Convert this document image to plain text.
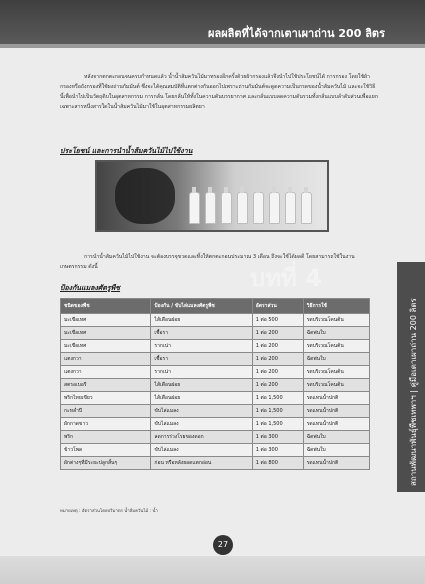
ผลผลิตที่ได้จากเตาเผาถ่าน 200 ลิตร
หลังจากตกตะกอนจนครบกำหนดแล้ว น้ำน้ำส้มควันไม้มาทรองอีกครั้งด้วยผ้ากรองแล้วจึงนำไปใช้ประโยชน์ได้ การกรอง โดยใช้ผ้ากรองหรือถังกรองที่ใช้ผงถ่านกัมมันต์ ซึ่งจะได้คุณสมบัติที่แตกต่างกันออกไปเพราะถ่านกัมมันต์จะดูดความเป็นกรดของน้ำส้มควันไม้ และจะใช้วิธีนี้เพื่อนำไปเป็นวัตถุดิบในอุตสาหกรรม การกลั่น โดยกลั่นให้ทั้งในความดันบรรยากาศ และกลั่นแบบลดความดันรวมทั้งกลั่นแบบลำดับส่วนเพื่อแยกเฉพาะสารหนึ่งสารใดในน้ำส้มควันไม้มาใช้ในอุตสาหกรรมผลิตยา
ประโยชน์ และการนำน้ำส้มควันไม้ไปใช้งาน
การนำน้ำส้มควันไม้ไปใช้งาน จะต้องบรรจุขวดและทิ้งให้ตกตะกอนประมาณ 3 เดือน ถึงจะใช้ได้ผลดี โดยสามารถใช้ในงานเกษตรกรรม ดังนี้	บทที่ 4
ป้องกันแมลงศัตรูพืช
ชนิดของพืช	ป้องกัน / ขับไล่แมลงศัตรูพืช	อัตราส่วน	วิธีการใช้
มะเขือเทศ	ไส้เดือนฝอย	1 ต่อ 500	รดบริเวณโคนต้น
มะเขือเทศ	เชื้อรา	1 ต่อ 200	ฉีดพ่นใบ
มะเขือเทศ	รากเน่า	1 ต่อ 200	รดบริเวณโคนต้น
แตงกวา	เชื้อรา	1 ต่อ 200	ฉีดพ่นใบ
แตงกวา	รากเน่า	1 ต่อ 200	รดบริเวณโคนต้น
สตรอเบอรี	ไส้เดือนฝอย	1 ต่อ 200	รดบริเวณโคนต้น
พริกไทยเขียว	ไส้เดือนฝอย	1 ต่อ 1,500	รดแทนน้ำปกติ
กะหล่ำปี	ขับไล่แมลง	1 ต่อ 1,500	รดแทนน้ำปกติ
ผักกาดขาว	ขับไล่แมลง	1 ต่อ 1,500	รดแทนน้ำปกติ
พริก	ลดการร่วงโรยของดอก	1 ต่อ 300	ฉีดพ่นใบ
ข้าวโพด	ขับไล่แมลง	1 ต่อ 300	ฉีดพ่นใบ
ผักต่างๆที่มีระยะปลูกสั้นๆ	ก่อน หรือหลังยอดแตกอ่อน	1 ต่อ 800	รดแทนน้ำปกติ
หมายเหตุ : อัตราส่วนโดยปริมาตร น้ำส้มควันไม้ : น้ำ
สถานพัฒนาพันธุ์พืชเทพาฯ | คู่มือเตาเผาถ่าน 200 ลิตร
27
